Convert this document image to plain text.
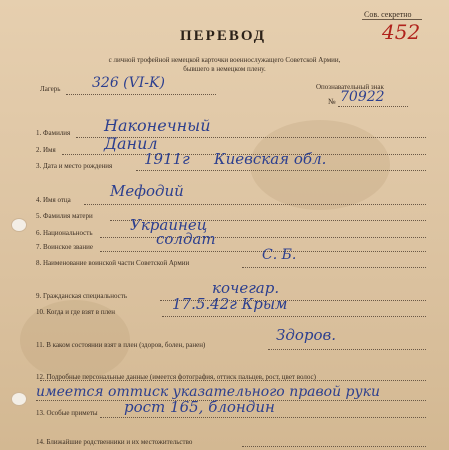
Сов. секретно
452
ПЕРЕВОД
с личной трофейной немецкой карточки военнослужащего Советской Армии,
бывшего в немецком плену.
Лагерь 326 (VI-K)	Опознавательный знак
№ 70922
1. Фамилия Наконечный
2. Имя	Данил
3. Дата и место рождения 1911г Киевская обл.
4. Имя отца	Мефодий
5. Фамилия матери
6. Национальность Украинец
7. Воинское звание	солдат
8. Наименование воинской части Советской Армии	С. Б.
9. Гражданская специальность	кочегар.
10. Когда и где взят в плен	17.5.42г Крым
11. В каком состоянии взят в плен (здоров, болен, ранен)
Здоров.
12. Подробные персональные данные (имеется фотография, оттиск пальцев, рост, цвет волос)
имеется оттиск указательного правой руки
13. Особые приметы рост 165, блондин
14. Ближайшие родственники и их местожительство
